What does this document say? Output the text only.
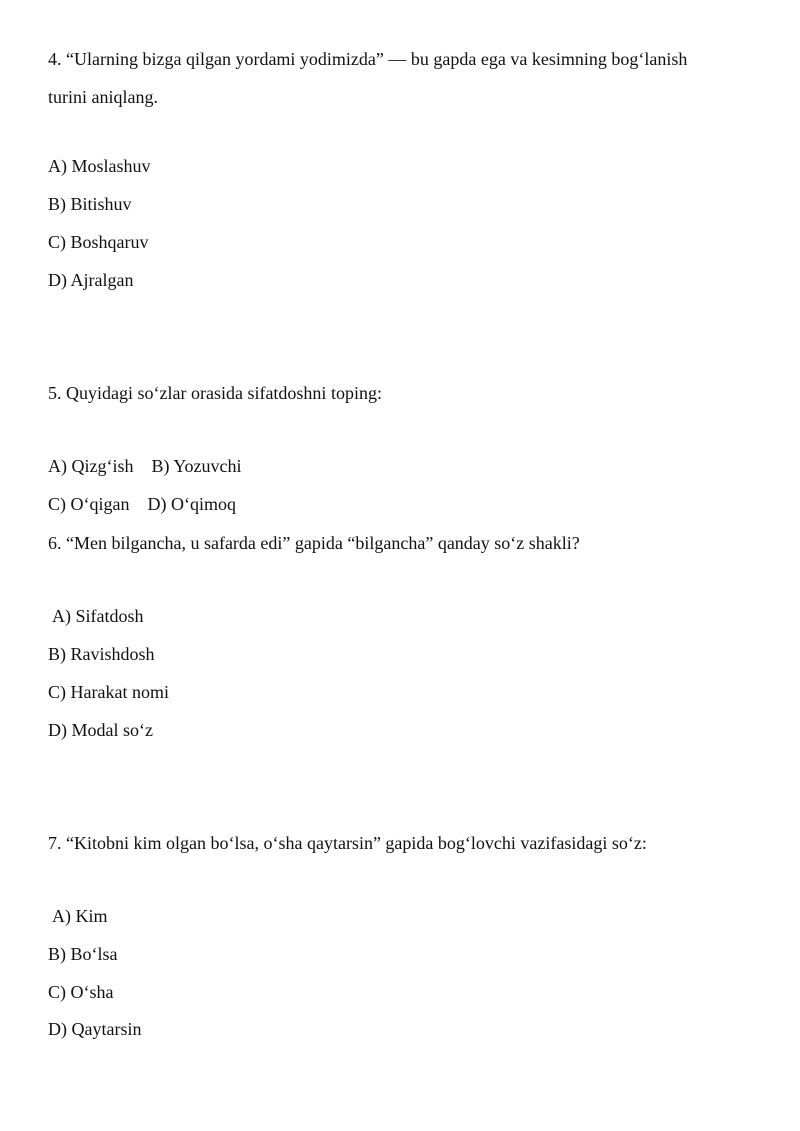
4. “Ularning bizga qilgan yordami yodimizda” — bu gapda ega va kesimning bog‘lanish
turini aniqlang.
A) Moslashuv
B) Bitishuv
C) Boshqaruv
D) Ajralgan
5. Quyidagi so‘zlar orasida sifatdoshni toping:
A) Qizg‘ish B) Yozuvchi
C) O‘qigan D) O‘qimoq
6. “Men bilgancha, u safarda edi” gapida “bilgancha” qanday so‘z shakli?
A) Sifatdosh
B) Ravishdosh
C) Harakat nomi
D) Modal so‘z
7. “Kitobni kim olgan bo‘lsa, o‘sha qaytarsin” gapida bog‘lovchi vazifasidagi so‘z:
A) Kim
B) Bo‘lsa
C) O‘sha
D) Qaytarsin
